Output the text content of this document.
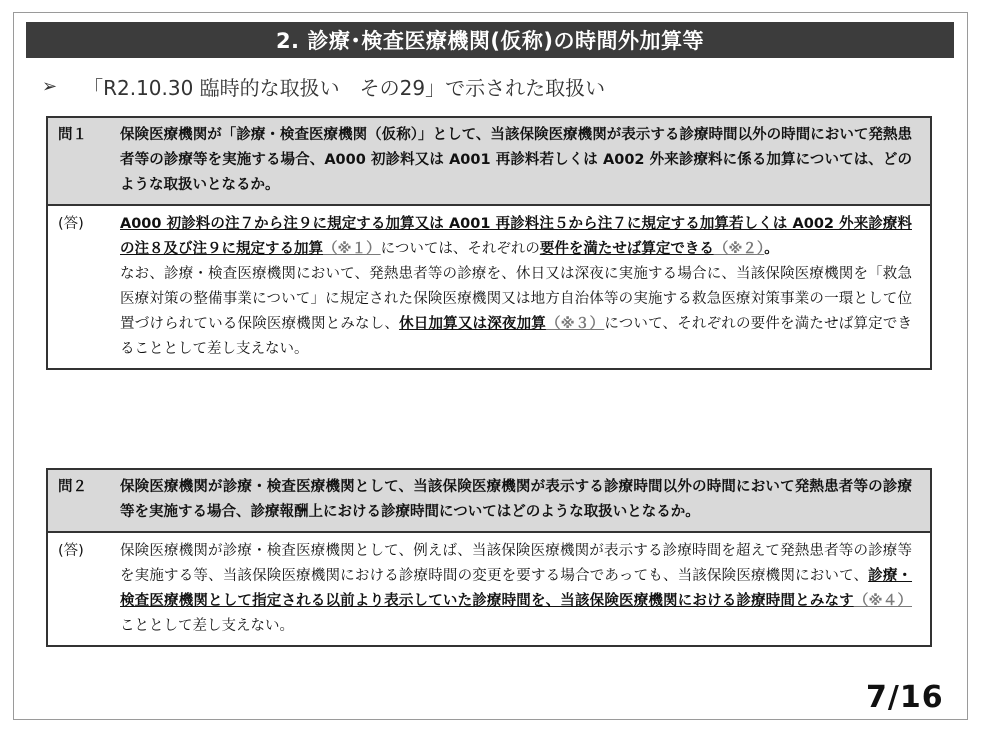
2. 診療･検査医療機関(仮称)の時間外加算等
➢ 「R2.10.30 臨時的な取扱い　その29」で示された取扱い
問１	保険医療機関が「診療・検査医療機関（仮称）」として、当該保険医療機関が表示する診療時間以外の時間において発熱患者等の診療等を実施する場合、A000 初診料又は A001 再診料若しくは A002 外来診療料に係る加算については、どのような取扱いとなるか。
(答)	A000 初診料の注７から注９に規定する加算又は A001 再診料注５から注７に規定する加算若しくは A002 外来診療料の注８及び注９に規定する加算（※１）については、それぞれの要件を満たせば算定できる（※２）。
なお、診療・検査医療機関において、発熱患者等の診療を、休日又は深夜に実施する場合に、当該保険医療機関を「救急医療対策の整備事業について」に規定された保険医療機関又は地方自治体等の実施する救急医療対策事業の一環として位置づけられている保険医療機関とみなし、休日加算又は深夜加算（※３）について、それぞれの要件を満たせば算定できることとして差し支えない。
問２	保険医療機関が診療・検査医療機関として、当該保険医療機関が表示する診療時間以外の時間において発熱患者等の診療等を実施する場合、診療報酬上における診療時間についてはどのような取扱いとなるか。
(答)	保険医療機関が診療・検査医療機関として、例えば、当該保険医療機関が表示する診療時間を超えて発熱患者等の診療等を実施する等、当該保険医療機関における診療時間の変更を要する場合であっても、当該保険医療機関において、診療・検査医療機関として指定される以前より表示していた診療時間を、当該保険医療機関における診療時間とみなす（※４）こととして差し支えない。
7/16
